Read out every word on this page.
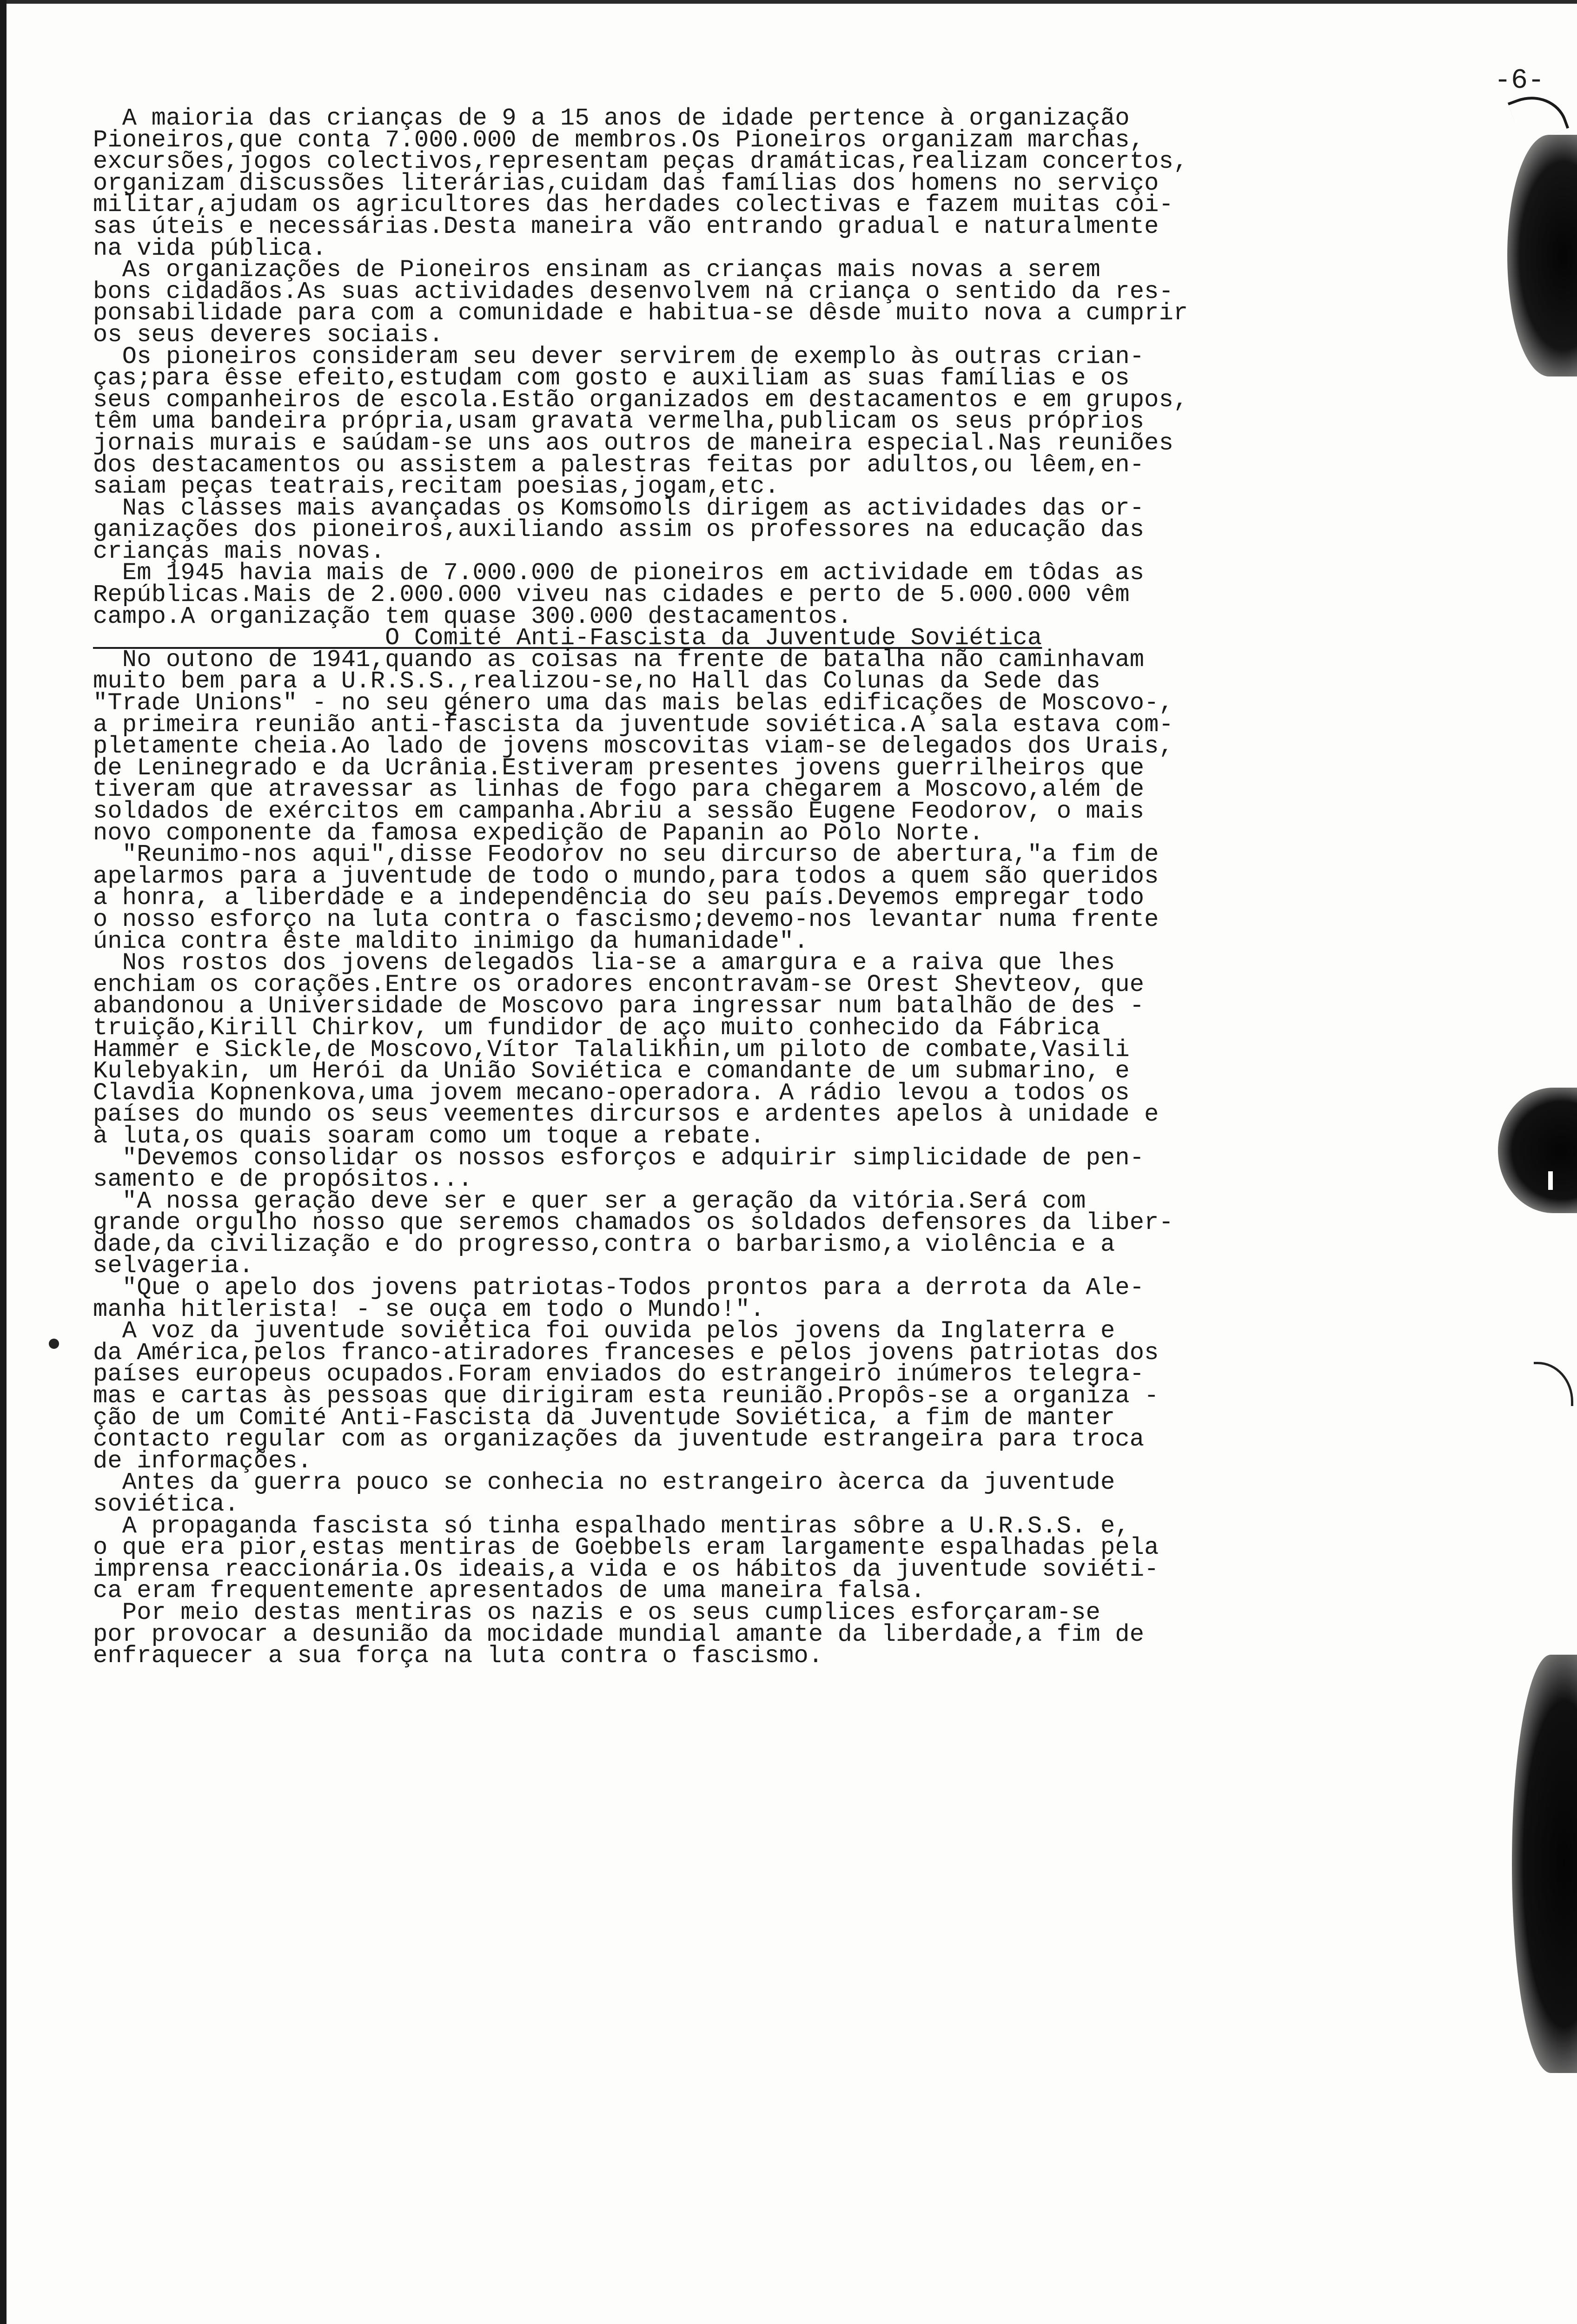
-6-
A maioria das crianças de 9 a 15 anos de idade pertence à organização
Pioneiros,que conta 7.000.000 de membros.Os Pioneiros organizam marchas,
excursões,jogos colectivos,representam peças dramáticas,realizam concertos,
organizam discussões literárias,cuidam das famílias dos homens no serviço
militar,ajudam os agricultores das herdades colectivas e fazem muitas coi-
sas úteis e necessárias.Desta maneira vão entrando gradual e naturalmente
na vida pública.
As organizações de Pioneiros ensinam as crianças mais novas a serem
bons cidadãos.As suas actividades desenvolvem na criança o sentido da res-
ponsabilidade para com a comunidade e habitua-se dêsde muito nova a cumprir
os seus deveres sociais.
Os pioneiros consideram seu dever servirem de exemplo às outras crian-
ças;para êsse efeito,estudam com gosto e auxiliam as suas famílias e os
seus companheiros de escola.Estão organizados em destacamentos e em grupos,
têm uma bandeira própria,usam gravata vermelha,publicam os seus próprios
jornais murais e saúdam-se uns aos outros de maneira especial.Nas reuniões
dos destacamentos ou assistem a palestras feitas por adultos,ou lêem,en-
saiam peças teatrais,recitam poesias,jogam,etc.
Nas classes mais avançadas os Komsomols dirigem as actividades das or-
ganizações dos pioneiros,auxiliando assim os professores na educação das
crianças mais novas.
Em 1945 havia mais de 7.000.000 de pioneiros em actividade em tôdas as
Repúblicas.Mais de 2.000.000 viveu nas cidades e perto de 5.000.000 vêm
campo.A organização tem quase 300.000 destacamentos.
O Comité Anti-Fascista da Juventude Soviética
No outono de 1941,quando as coisas na frente de batalha não caminhavam
muito bem para a U.R.S.S.,realizou-se,no Hall das Colunas da Sede das
"Trade Unions" - no seu género uma das mais belas edificações de Moscovo-,
a primeira reunião anti-fascista da juventude soviética.A sala estava com-
pletamente cheia.Ao lado de jovens moscovitas viam-se delegados dos Urais,
de Leninegrado e da Ucrânia.Estiveram presentes jovens guerrilheiros que
tiveram que atravessar as linhas de fogo para chegarem a Moscovo,além de
soldados de exércitos em campanha.Abriu a sessão Eugene Feodorov, o mais
novo componente da famosa expedição de Papanin ao Polo Norte.
"Reunimo-nos aqui",disse Feodorov no seu dircurso de abertura,"a fim de
apelarmos para a juventude de todo o mundo,para todos a quem são queridos
a honra, a liberdade e a independência do seu país.Devemos empregar todo
o nosso esforço na luta contra o fascismo;devemo-nos levantar numa frente
única contra êste maldito inimigo da humanidade".
Nos rostos dos jovens delegados lia-se a amargura e a raiva que lhes
enchiam os corações.Entre os oradores encontravam-se Orest Shevteov, que
abandonou a Universidade de Moscovo para ingressar num batalhão de des -
truição,Kirill Chirkov, um fundidor de aço muito conhecido da Fábrica
Hammer e Sickle,de Moscovo,Vítor Talalikhin,um piloto de combate,Vasili
Kulebyakin, um Herói da União Soviética e comandante de um submarino, e
Clavdia Kopnenkova,uma jovem mecano-operadora. A rádio levou a todos os
países do mundo os seus veementes dircursos e ardentes apelos à unidade e
à luta,os quais soaram como um toque a rebate.
"Devemos consolidar os nossos esforços e adquirir simplicidade de pen-
samento e de propósitos...
"A nossa geração deve ser e quer ser a geração da vitória.Será com
grande orgulho nosso que seremos chamados os soldados defensores da liber-
dade,da civilização e do progresso,contra o barbarismo,a violência e a
selvageria.
"Que o apelo dos jovens patriotas-Todos prontos para a derrota da Ale-
manha hitlerista! - se ouça em todo o Mundo!".
A voz da juventude soviética foi ouvida pelos jovens da Inglaterra e
da América,pelos franco-atiradores franceses e pelos jovens patriotas dos
países europeus ocupados.Foram enviados do estrangeiro inúmeros telegra-
mas e cartas às pessoas que dirigiram esta reunião.Propôs-se a organiza -
ção de um Comité Anti-Fascista da Juventude Soviética, a fim de manter
contacto regular com as organizações da juventude estrangeira para troca
de informações.
Antes da guerra pouco se conhecia no estrangeiro àcerca da juventude
soviética.
A propaganda fascista só tinha espalhado mentiras sôbre a U.R.S.S. e,
o que era pior,estas mentiras de Goebbels eram largamente espalhadas pela
imprensa reaccionária.Os ideais,a vida e os hábitos da juventude soviéti-
ca eram frequentemente apresentados de uma maneira falsa.
Por meio destas mentiras os nazis e os seus cumplices esforçaram-se
por provocar a desunião da mocidade mundial amante da liberdade,a fim de
enfraquecer a sua força na luta contra o fascismo.
